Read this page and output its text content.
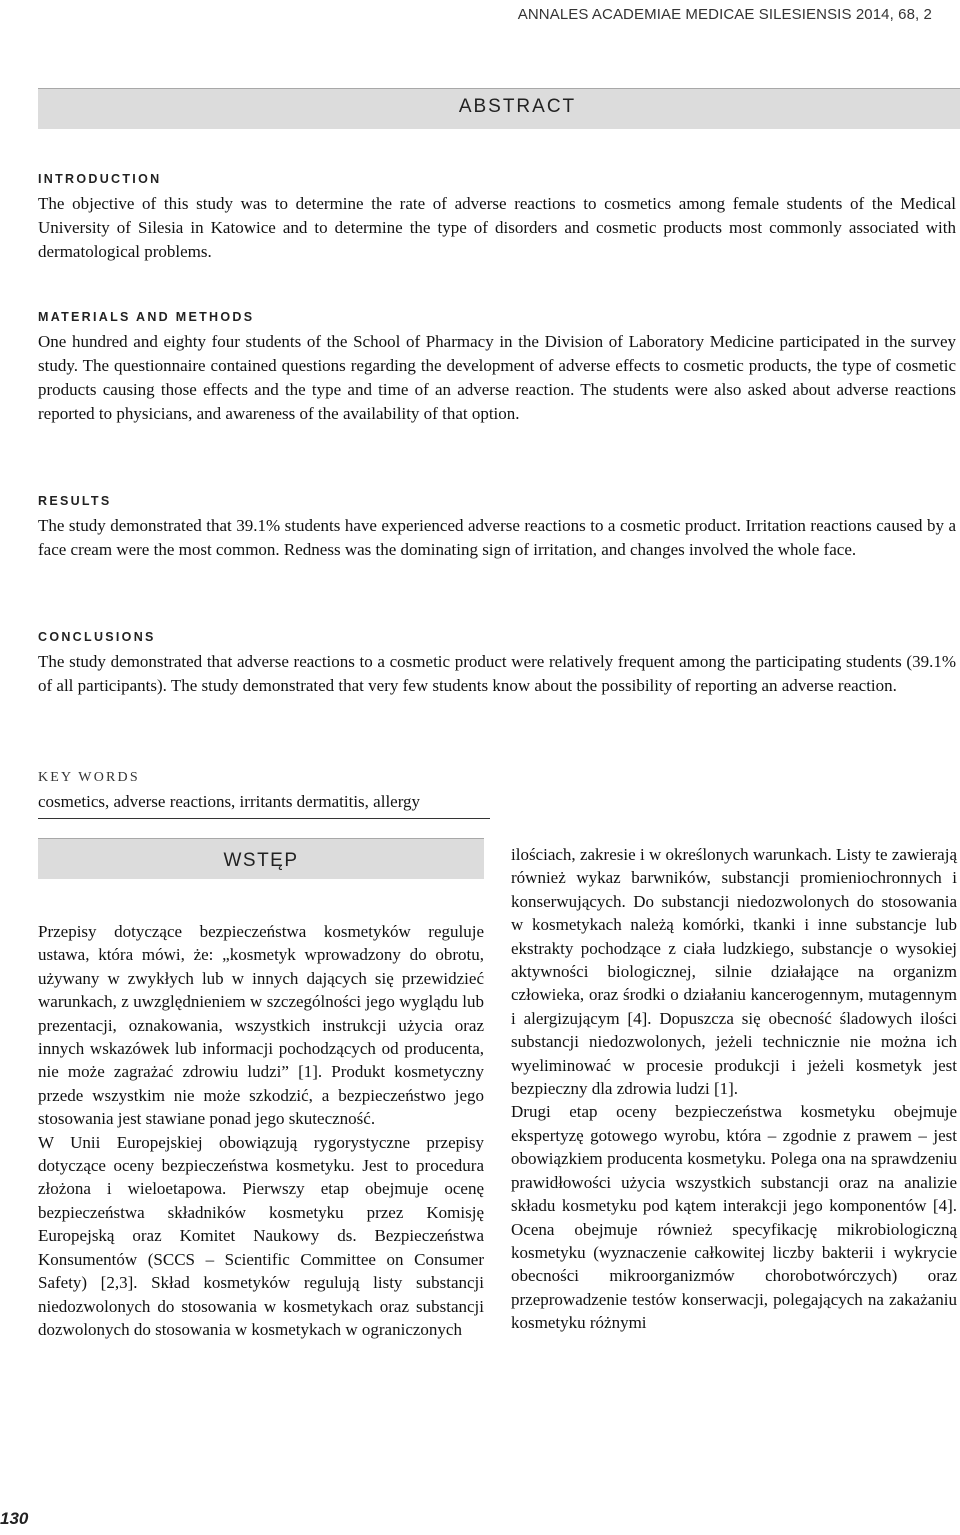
ANNALES ACADEMIAE MEDICAE SILESIENSIS 2014, 68, 2
ABSTRACT
INTRODUCTION

The objective of this study was to determine the rate of adverse reactions to cosmetics among female students of the Medical University of Silesia in Katowice and to determine the type of disorders and cosmetic products most commonly associated with dermatological problems.

MATERIALS AND METHODS

One hundred and eighty four students of the School of Pharmacy in the Division of Laboratory Medicine participated in the survey study. The questionnaire contained questions regarding the development of adverse effects to cosmetic products, the type of cosmetic products causing those effects and the type and time of an adverse reaction. The students were also asked about adverse reactions reported to physicians, and awareness of the availability of that option.

RESULTS

The study demonstrated that 39.1% students have experienced adverse reactions to a cosmetic product. Irritation reactions caused by a face cream were the most common. Redness was the dominating sign of irritation, and changes involved the whole face.

CONCLUSIONS

The study demonstrated that adverse reactions to a cosmetic product were relatively frequent among the participating students (39.1% of all participants). The study demonstrated that very few students know about the possibility of reporting an adverse reaction.

KEY WORDS
cosmetics, adverse reactions, irritants dermatitis, allergy
WSTĘP

Przepisy dotyczące bezpieczeństwa kosmetyków reguluje ustawa, która mówi, że: „kosmetyk wprowadzony do obrotu, używany w zwykłych lub w innych dających się przewidzieć warunkach, z uwzględnieniem w szczególności jego wyglądu lub prezentacji, oznakowania, wszystkich instrukcji użycia oraz innych wskazówek lub informacji pochodzących od producenta, nie może zagrażać zdrowiu ludzi” [1]. Produkt kosmetyczny przede wszystkim nie może szkodzić, a bezpieczeństwo jego stosowania jest stawiane ponad jego skuteczność.

W Unii Europejskiej obowiązują rygorystyczne przepisy dotyczące oceny bezpieczeństwa kosmetyku. Jest to procedura złożona i wieloetapowa. Pierwszy etap obejmuje ocenę bezpieczeństwa składników kosmetyku przez Komisję Europejską oraz Komitet Naukowy ds. Bezpieczeństwa Konsumentów (SCCS – Scientific Committee on Consumer Safety) [2,3]. Skład kosmetyków regulują listy substancji niedozwolonych do stosowania w kosmetykach oraz substancji dozwolonych do stosowania w kosmetykach w ograniczonych

ilościach, zakresie i w określonych warunkach. Listy te zawierają również wykaz barwników, substancji promieniochronnych i konserwujących. Do substancji niedozwolonych do stosowania w kosmetykach należą komórki, tkanki i inne substancje lub ekstrakty pochodzące z ciała ludzkiego, substancje o wysokiej aktywności biologicznej, silnie działające na organizm człowieka, oraz środki o działaniu kancerogennym, mutagennym i alergizującym [4]. Dopuszcza się obecność śladowych ilości substancji niedozwolonych, jeżeli technicznie nie można ich wyeliminować w procesie produkcji i jeżeli kosmetyk jest bezpieczny dla zdrowia ludzi [1].

Drugi etap oceny bezpieczeństwa kosmetyku obejmuje ekspertyzę gotowego wyrobu, która – zgodnie z prawem – jest obowiązkiem producenta kosmetyku. Polega ona na sprawdzeniu prawidłowości użycia wszystkich substancji oraz na analizie składu kosmetyku pod kątem interakcji jego komponentów [4]. Ocena obejmuje również specyfikację mikrobiologiczną kosmetyku (wyznaczenie całkowitej liczby bakterii i wykrycie obecności mikroorganizmów chorobotwórczych) oraz przeprowadzenie testów konserwacji, polegających na zakażaniu kosmetyku różnymi

130
